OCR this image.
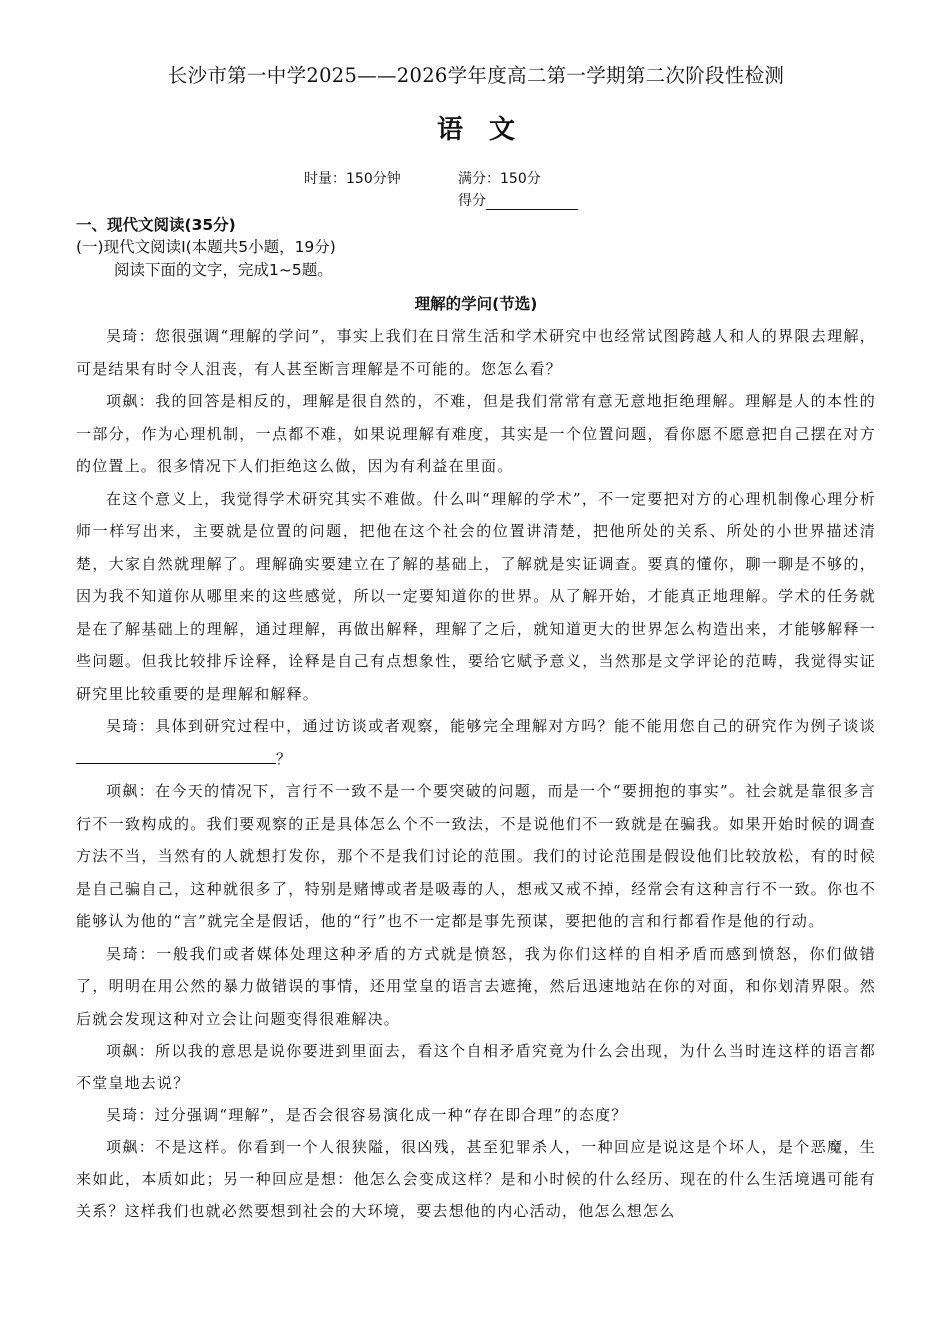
长沙市第一中学2025——2026学年度高二第一学期第二次阶段性检测
语 文
时量：150分钟	满分：150分
得分
一、现代文阅读(35分)
(一)现代文阅读Ⅰ(本题共5小题，19分)
阅读下面的文字，完成1~5题。
理解的学问(节选)

吴琦：您很强调“理解的学问”，事实上我们在日常生活和学术研究中也经常试图跨越人和人的界限去理解，可是结果有时令人沮丧，有人甚至断言理解是不可能的。您怎么看？

项飙：我的回答是相反的，理解是很自然的，不难，但是我们常常有意无意地拒绝理解。理解是人的本性的一部分，作为心理机制，一点都不难，如果说理解有难度，其实是一个位置问题，看你愿不愿意把自己摆在对方的位置上。很多情况下人们拒绝这么做，因为有利益在里面。

在这个意义上，我觉得学术研究其实不难做。什么叫“理解的学术”，不一定要把对方的心理机制像心理分析师一样写出来，主要就是位置的问题，把他在这个社会的位置讲清楚，把他所处的关系、所处的小世界描述清楚，大家自然就理解了。理解确实要建立在了解的基础上，了解就是实证调查。要真的懂你，聊一聊是不够的，因为我不知道你从哪里来的这些感觉，所以一定要知道你的世界。从了解开始，才能真正地理解。学术的任务就是在了解基础上的理解，通过理解，再做出解释，理解了之后，就知道更大的世界怎么构造出来，才能够解释一些问题。但我比较排斥诠释，诠释是自己有点想象性，要给它赋予意义，当然那是文学评论的范畴，我觉得实证研究里比较重要的是理解和解释。

吴琦：具体到研究过程中，通过访谈或者观察，能够完全理解对方吗？能不能用您自己的研究作为例子谈谈？

项飙：在今天的情况下，言行不一致不是一个要突破的问题，而是一个“要拥抱的事实”。社会就是靠很多言行不一致构成的。我们要观察的正是具体怎么个不一致法，不是说他们不一致就是在骗我。如果开始时候的调查方法不当，当然有的人就想打发你，那个不是我们讨论的范围。我们的讨论范围是假设他们比较放松，有的时候是自己骗自己，这种就很多了，特别是赌博或者是吸毒的人，想戒又戒不掉，经常会有这种言行不一致。你也不能够认为他的“言”就完全是假话，他的“行”也不一定都是事先预谋，要把他的言和行都看作是他的行动。

吴琦：一般我们或者媒体处理这种矛盾的方式就是愤怒，我为你们这样的自相矛盾而感到愤怒，你们做错了，明明在用公然的暴力做错误的事情，还用堂皇的语言去遮掩，然后迅速地站在你的对面，和你划清界限。然后就会发现这种对立会让问题变得很难解决。

项飙：所以我的意思是说你要进到里面去，看这个自相矛盾究竟为什么会出现，为什么当时连这样的语言都不堂皇地去说？

吴琦：过分强调“理解”，是否会很容易演化成一种“存在即合理”的态度？

项飙：不是这样。你看到一个人很狭隘，很凶残，甚至犯罪杀人，一种回应是说这是个坏人，是个恶魔，生来如此，本质如此；另一种回应是想：他怎么会变成这样？是和小时候的什么经历、现在的什么生活境遇可能有关系？这样我们也就必然要想到社会的大环境，要去想他的内心活动，他怎么想怎么
